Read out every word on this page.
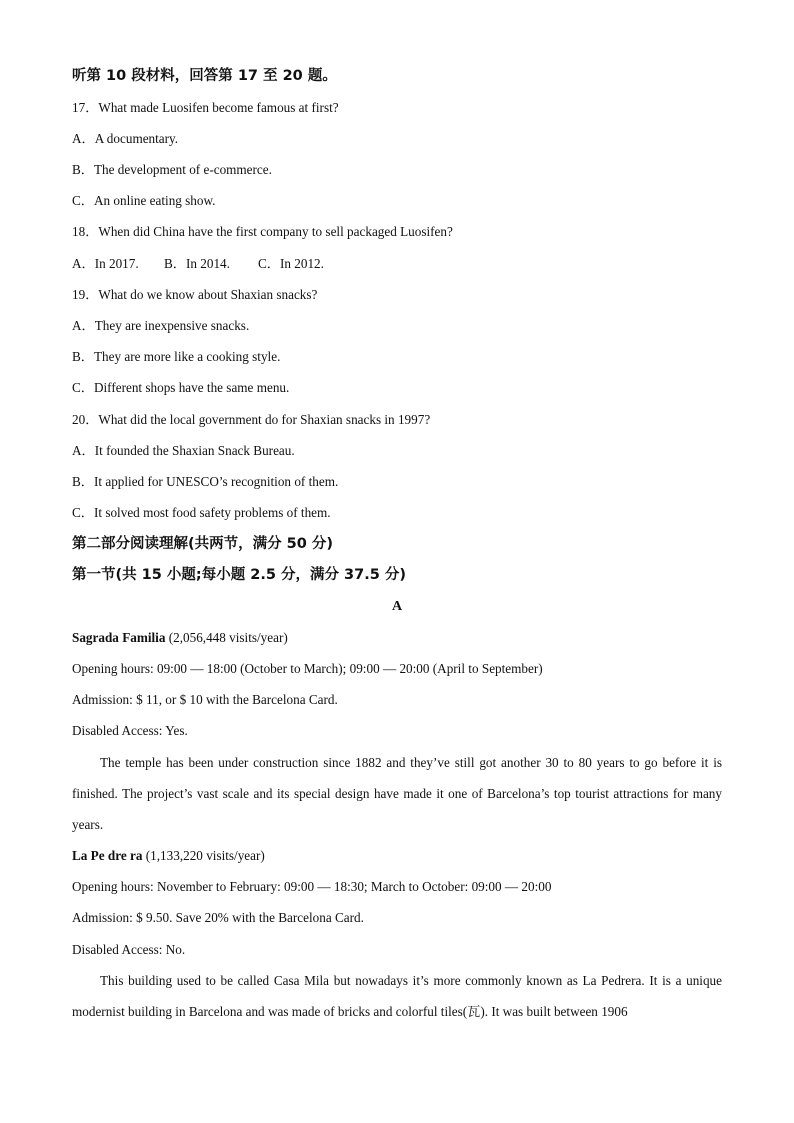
听第 10 段材料，回答第 17 至 20 题。
17．What made Luosifen become famous at first?
A．A documentary.
B．The development of e-commerce.
C．An online eating show.
18．When did China have the first company to sell packaged Luosifen?
A．In 2017. B．In 2014. C．In 2012.
19．What do we know about Shaxian snacks?
A．They are inexpensive snacks.
B．They are more like a cooking style.
C．Different shops have the same menu.
20．What did the local government do for Shaxian snacks in 1997?
A．It founded the Shaxian Snack Bureau.
B．It applied for UNESCO’s recognition of them.
C．It solved most food safety problems of them.
第二部分阅读理解(共两节，满分 50 分)
第一节(共 15 小题;每小题 2.5 分，满分 37.5 分)
A
Sagrada Familia (2,056,448 visits/year)
Opening hours: 09:00 — 18:00 (October to March); 09:00 — 20:00 (April to September)
Admission: $ 11, or $ 10 with the Barcelona Card.
Disabled Access: Yes.
The temple has been under construction since 1882 and they’ve still got another 30 to 80 years to go before it is finished. The project’s vast scale and its special design have made it one of Barcelona’s top tourist attractions for many years.
La Pe dre ra (1,133,220 visits/year)
Opening hours: November to February: 09:00 — 18:30; March to October: 09:00 — 20:00
Admission: $ 9.50. Save 20% with the Barcelona Card.
Disabled Access: No.
This building used to be called Casa Mila but nowadays it’s more commonly known as La Pedrera. It is a unique modernist building in Barcelona and was made of bricks and colorful tiles(瓦). It was built between 1906
